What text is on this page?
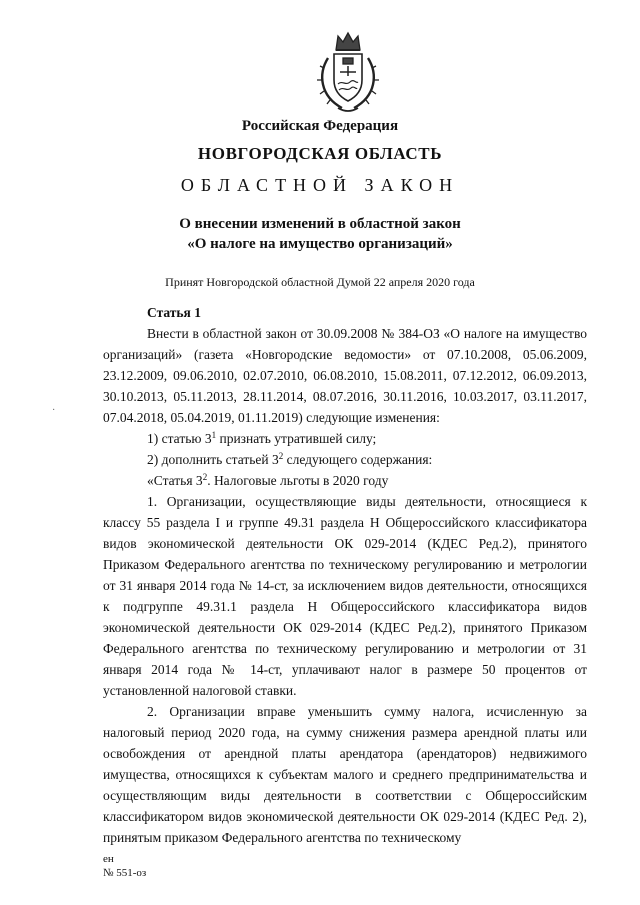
Российская Федерация
НОВГОРОДСКАЯ ОБЛАСТЬ
ОБЛАСТНОЙ ЗАКОН
О внесении изменений в областной закон
«О налоге на имущество организаций»
Принят Новгородской областной Думой 22 апреля 2020 года
·

Статья 1

Внести в областной закон от 30.09.2008 № 384-ОЗ «О налоге на имущество организаций» (газета «Новгородские ведомости» от 07.10.2008, 05.06.2009, 23.12.2009, 09.06.2010, 02.07.2010, 06.08.2010, 15.08.2011, 07.12.2012, 06.09.2013, 30.10.2013, 05.11.2013, 28.11.2014, 08.07.2016, 30.11.2016, 10.03.2017, 03.11.2017, 07.04.2018, 05.04.2019, 01.11.2019) следующие изменения:

1) статью $3^1$ признать утратившей силу;

2) дополнить статьей $3^2$ следующего содержания:

«Статья $3^2$. Налоговые льготы в 2020 году

1. Организации, осуществляющие виды деятельности, относящиеся к классу 55 раздела I и группе 49.31 раздела H Общероссийского классификатора видов экономической деятельности ОК 029-2014 (КДЕС Ред.2), принятого Приказом Федерального агентства по техническому регулированию и метрологии от 31 января 2014 года № 14-ст, за исключением видов деятельности, относящихся к подгруппе 49.31.1 раздела H Общероссийского классификатора видов экономической деятельности ОК 029-2014 (КДЕС Ред.2), принятого Приказом Федерального агентства по техническому регулированию и метрологии от 31 января 2014 года № 14-ст, уплачивают налог в размере 50 процентов от установленной налоговой ставки.

2. Организации вправе уменьшить сумму налога, исчисленную за налоговый период 2020 года, на сумму снижения размера арендной платы или освобождения от арендной платы арендатора (арендаторов) недвижимого имущества, относящихся к субъектам малого и среднего предпринимательства и осуществляющим виды деятельности в соответствии с Общероссийским классификатором видов экономической деятельности ОК 029-2014 (КДЕС Ред. 2), принятым приказом Федерального агентства по техническому

ен
№ 551-оз
